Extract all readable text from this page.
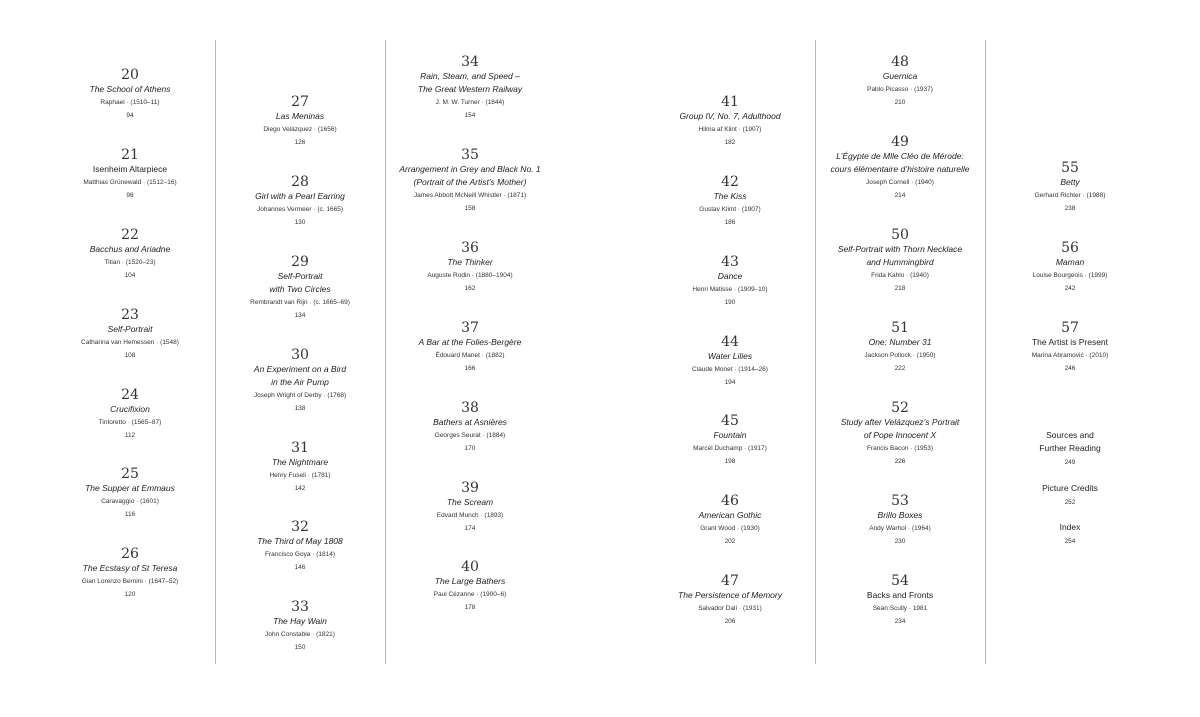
20
The School of Athens
Raphael · (1510–11)
94
21
Isenheim Altarpiece
Matthias Grünewald · (1512–16)
98
22
Bacchus and Ariadne
Titian · (1520–23)
104
23
Self-Portrait
Catharina van Hemessen · (1548)
108
24
Crucifixion
Tintoretto · (1565–87)
112
25
The Supper at Emmaus
Caravaggio · (1601)
116
26
The Ecstasy of St Teresa
Gian Lorenzo Bernini · (1647–52)
120
27
Las Meninas
Diego Velázquez · (1656)
126
28
Girl with a Pearl Earring
Johannes Vermeer · (c. 1665)
130
29
Self-Portrait
with Two Circles
Rembrandt van Rijn · (c. 1665–69)
134
30
An Experiment on a Bird
in the Air Pump
Joseph Wright of Derby · (1768)
138
31
The Nightmare
Henry Fuseli · (1781)
142
32
The Third of May 1808
Francisco Goya · (1814)
146
33
The Hay Wain
John Constable · (1821)
150
34
Rain, Steam, and Speed –
The Great Western Railway
J. M. W. Turner · (1844)
154
35
Arrangement in Grey and Black No. 1
(Portrait of the Artist’s Mother)
James Abbott McNeill Whistler · (1871)
158
36
The Thinker
Auguste Rodin · (1880–1904)
162
37
A Bar at the Folies-Bergère
Édouard Manet · (1882)
166
38
Bathers at Asnières
Georges Seurat · (1884)
170
39
The Scream
Edvard Munch · (1893)
174
40
The Large Bathers
Paul Cézanne · (1900–6)
178
41
Group IV, No. 7, Adulthood
Hilma af Klint · (1907)
182
42
The Kiss
Gustav Klimt · (1907)
186
43
Dance
Henri Matisse · (1909–10)
190
44
Water Lilies
Claude Monet · (1914–26)
194
45
Fountain
Marcel Duchamp · (1917)
198
46
American Gothic
Grant Wood · (1930)
202
47
The Persistence of Memory
Salvador Dalí · (1931)
206
48
Guernica
Pablo Picasso · (1937)
210
49
L’Égypte de Mlle Cléo de Mérode:
cours élémentaire d’histoire naturelle
Joseph Cornell · (1940)
214
50
Self-Portrait with Thorn Necklace
and Hummingbird
Frida Kahlo · (1940)
218
51
One: Number 31
Jackson Pollock · (1950)
222
52
Study after Velázquez’s Portrait
of Pope Innocent X
Francis Bacon · (1953)
226
53
Brillo Boxes
Andy Warhol · (1964)
230
54
Backs and Fronts
Sean Scully · 1981
234
55
Betty
Gerhard Richter · (1988)
238
56
Maman
Louise Bourgeois · (1999)
242
57
The Artist is Present
Marina Abramović · (2010)
246
Sources and
Further Reading
249
Picture Credits
252
Index
254
